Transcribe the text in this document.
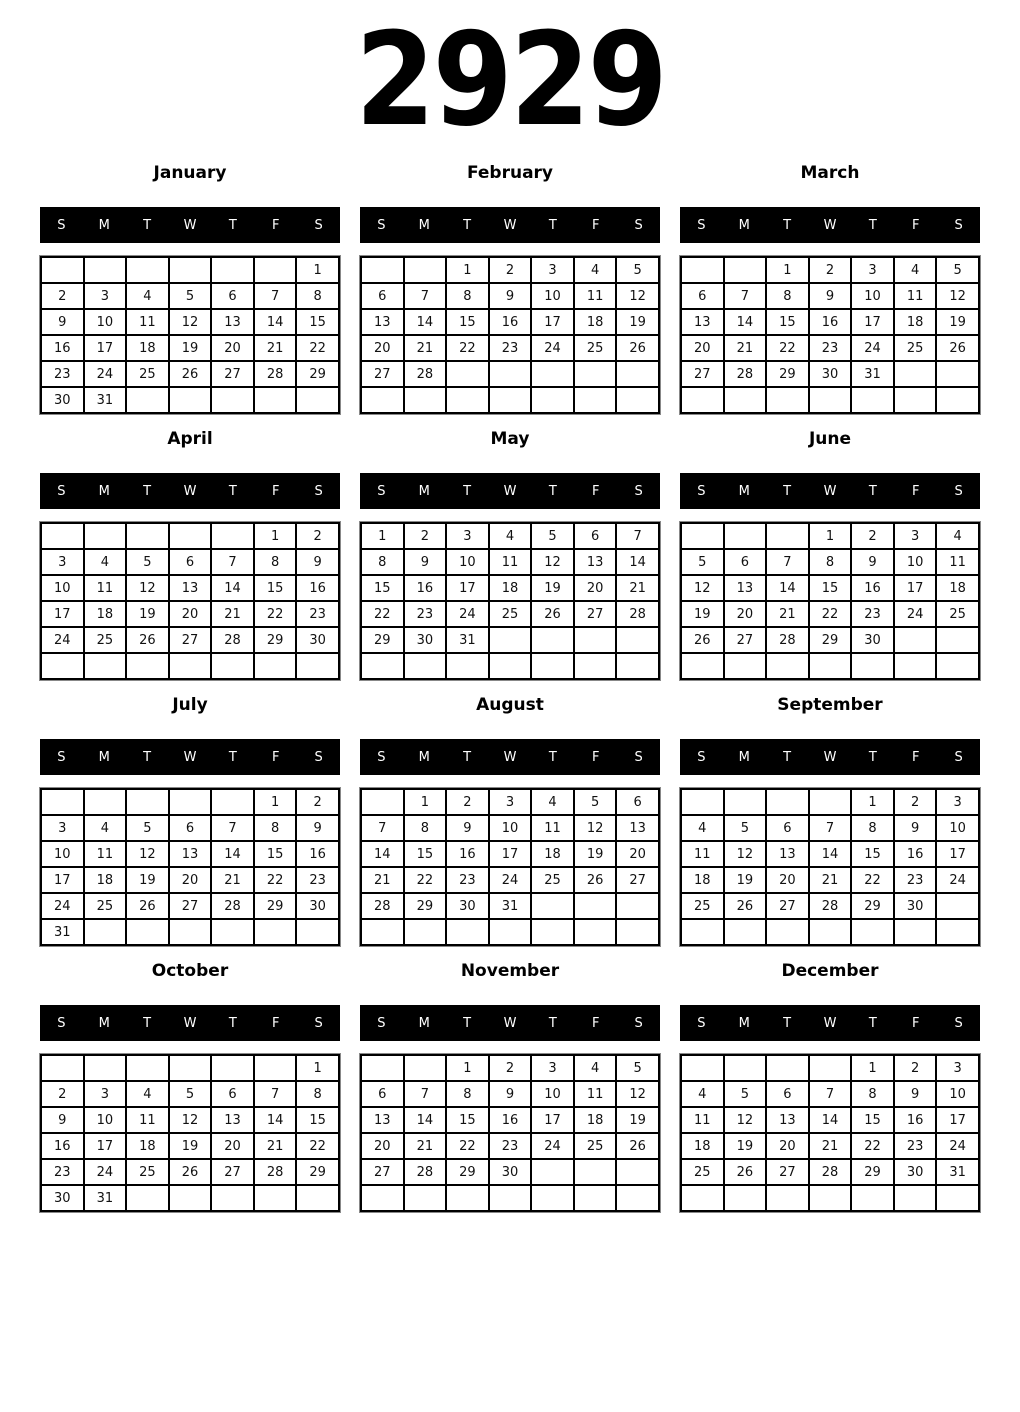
2929
January
S	M	T	W	T	F	S
						1
2	3	4	5	6	7	8
9	10	11	12	13	14	15
16	17	18	19	20	21	22
23	24	25	26	27	28	29
30	31					
February
S	M	T	W	T	F	S
		1	2	3	4	5
6	7	8	9	10	11	12
13	14	15	16	17	18	19
20	21	22	23	24	25	26
27	28					

March
S	M	T	W	T	F	S
		1	2	3	4	5
6	7	8	9	10	11	12
13	14	15	16	17	18	19
20	21	22	23	24	25	26
27	28	29	30	31		

April
S	M	T	W	T	F	S
					1	2
3	4	5	6	7	8	9
10	11	12	13	14	15	16
17	18	19	20	21	22	23
24	25	26	27	28	29	30

May
S	M	T	W	T	F	S
1	2	3	4	5	6	7
8	9	10	11	12	13	14
15	16	17	18	19	20	21
22	23	24	25	26	27	28
29	30	31				

June
S	M	T	W	T	F	S
			1	2	3	4
5	6	7	8	9	10	11
12	13	14	15	16	17	18
19	20	21	22	23	24	25
26	27	28	29	30		

July
S	M	T	W	T	F	S
					1	2
3	4	5	6	7	8	9
10	11	12	13	14	15	16
17	18	19	20	21	22	23
24	25	26	27	28	29	30
31						
August
S	M	T	W	T	F	S
	1	2	3	4	5	6
7	8	9	10	11	12	13
14	15	16	17	18	19	20
21	22	23	24	25	26	27
28	29	30	31			

September
S	M	T	W	T	F	S
				1	2	3
4	5	6	7	8	9	10
11	12	13	14	15	16	17
18	19	20	21	22	23	24
25	26	27	28	29	30	

October
S	M	T	W	T	F	S
						1
2	3	4	5	6	7	8
9	10	11	12	13	14	15
16	17	18	19	20	21	22
23	24	25	26	27	28	29
30	31					
November
S	M	T	W	T	F	S
		1	2	3	4	5
6	7	8	9	10	11	12
13	14	15	16	17	18	19
20	21	22	23	24	25	26
27	28	29	30			

December
S	M	T	W	T	F	S
				1	2	3
4	5	6	7	8	9	10
11	12	13	14	15	16	17
18	19	20	21	22	23	24
25	26	27	28	29	30	31
